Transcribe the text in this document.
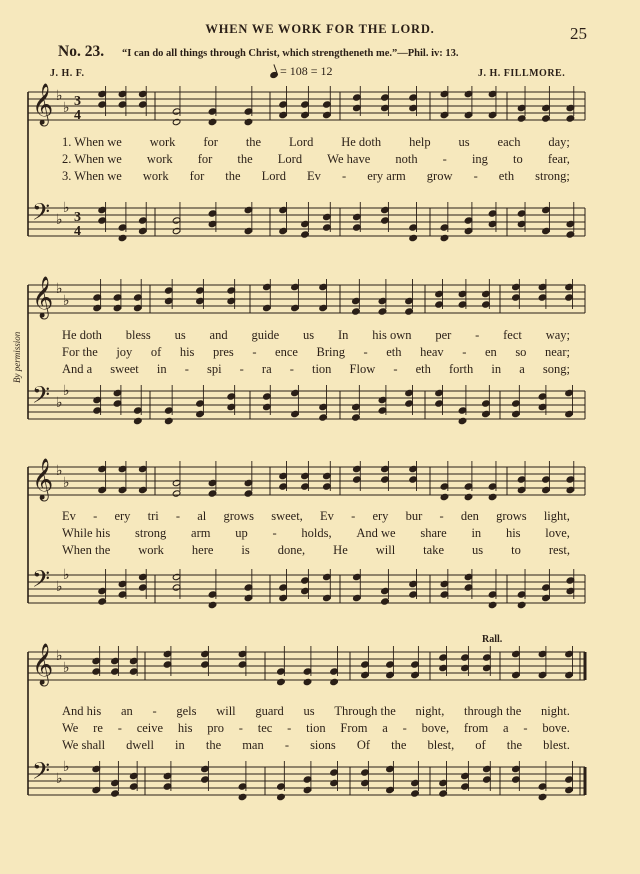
WHEN WE WORK FOR THE LORD.	25
No. 23. “I can do all things through Christ, which strengtheneth me.”—Phil. iv: 13.
J. H. F.	J. H. FILLMORE.
= 108 = 12
By permission
Rall.
𝄞 ♭
♭ 3
4
𝄢 ♭
♭
3
4
𝄞 ♭
♭
𝄢 ♭
♭
𝄞 ♭
♭
𝄢 ♭
♭
𝄞 ♭
♭
𝄢 ♭
♭
1. When we work for the Lord He doth help us each day;
2. When we work for the Lord We have noth - ing to fear,
3. When we work for the Lord Ev - ery arm grow - eth strong;
He doth bless us and guide us In his own per - fect way;
For the joy of his pres - ence Bring - eth heav - en so near;
And a sweet in - spi - ra - tion Flow - eth forth in a song;
Ev - ery tri - al grows sweet, Ev - ery bur - den grows light,
While his strong arm up - holds, And we share in his love,
When the work here is done, He will take us to rest,
And his an - gels will guard us Through the night, through the night.
We re - ceive his pro - tec - tion From a - bove, from a - bove.
We shall dwell in the man - sions Of the blest, of the blest.
